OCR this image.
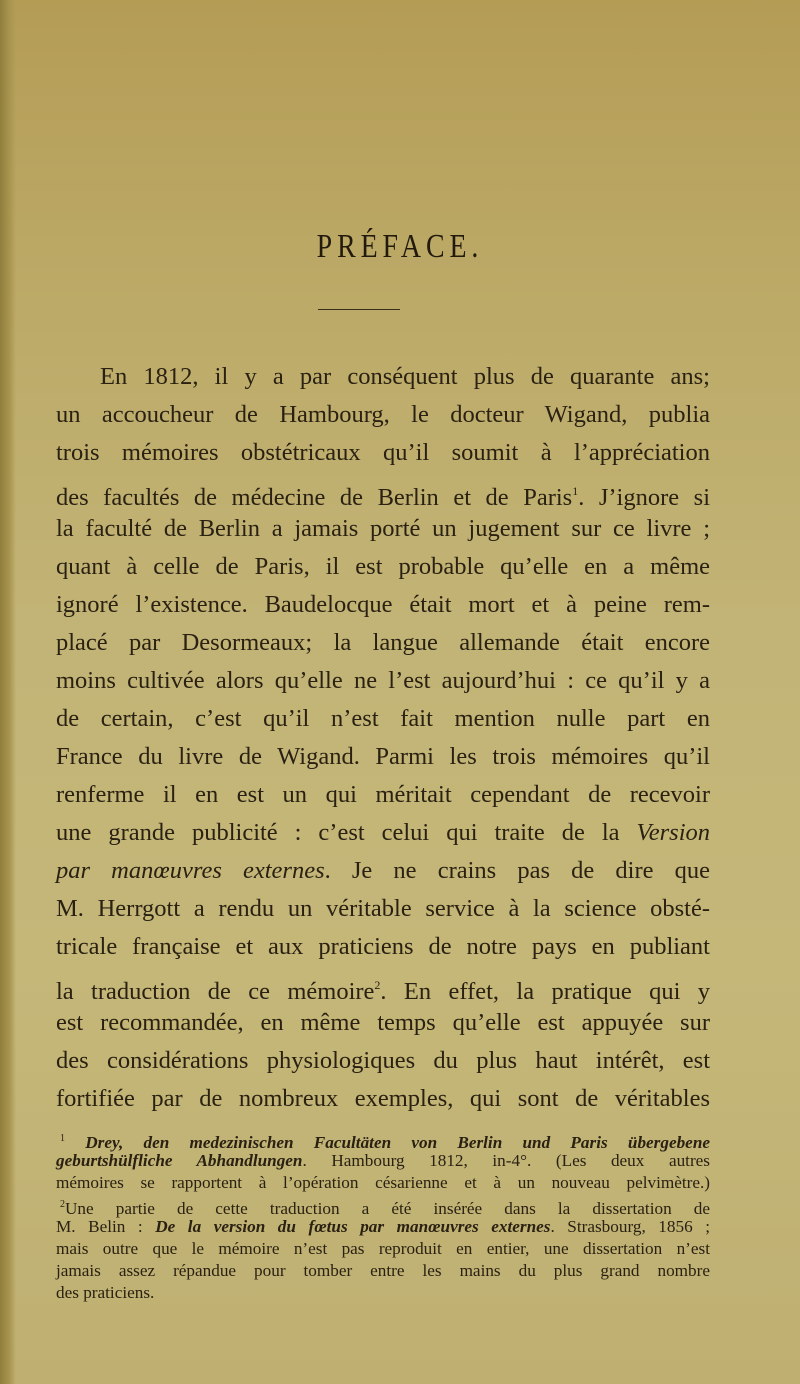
PRÉFACE.
En 1812, il y a par conséquent plus de quarante ans;
un accoucheur de Hambourg, le docteur Wigand, publia
trois mémoires obstétricaux qu’il soumit à l’appréciation
des facultés de médecine de Berlin et de Paris$^1$. J’ignore si
la faculté de Berlin a jamais porté un jugement sur ce livre ;
quant à celle de Paris, il est probable qu’elle en a même
ignoré l’existence. Baudelocque était mort et à peine rem-
placé par Desormeaux; la langue allemande était encore
moins cultivée alors qu’elle ne l’est aujourd’hui : ce qu’il y a
de certain, c’est qu’il n’est fait mention nulle part en
France du livre de Wigand. Parmi les trois mémoires qu’il
renferme il en est un qui méritait cependant de recevoir
une grande publicité : c’est celui qui traite de la Version
par manœuvres externes. Je ne crains pas de dire que
M. Herrgott a rendu un véritable service à la science obsté-
tricale française et aux praticiens de notre pays en publiant
la traduction de ce mémoire$^2$. En effet, la pratique qui y
est recommandée, en même temps qu’elle est appuyée sur
des considérations physiologiques du plus haut intérêt, est
fortifiée par de nombreux exemples, qui sont de véritables
$^1$ Drey, den medezinischen Facultäten von Berlin und Paris übergebene
geburtshülfliche Abhandlungen. Hambourg 1812, in-4°. (Les deux autres
mémoires se rapportent à l’opération césarienne et à un nouveau pelvimètre.)
$^2$Une partie de cette traduction a été insérée dans la dissertation de
M. Belin : De la version du fœtus par manœuvres externes. Strasbourg, 1856 ;
mais outre que le mémoire n’est pas reproduit en entier, une dissertation n’est
jamais assez répandue pour tomber entre les mains du plus grand nombre
des praticiens.
